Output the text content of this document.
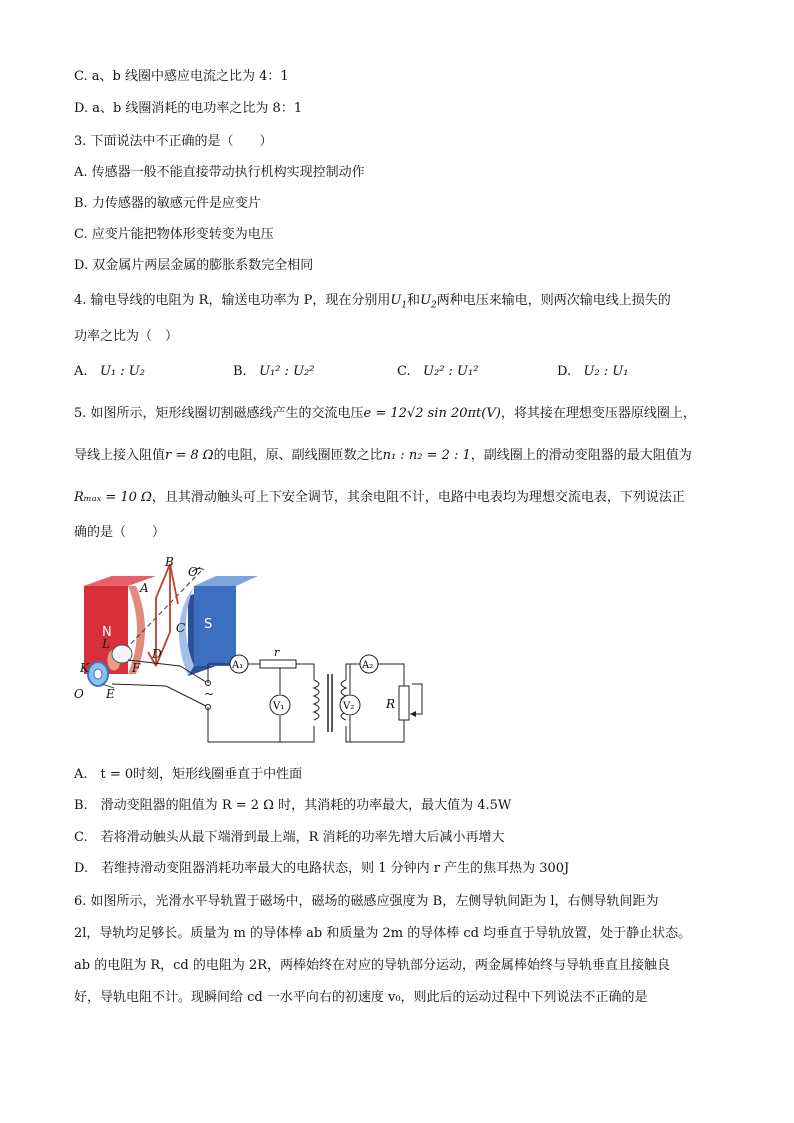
C. a、b 线圈中感应电流之比为 4：1
D. a、b 线圈消耗的电功率之比为 8：1
3. 下面说法中不正确的是（　　）
A. 传感器一般不能直接带动执行机构实现控制动作
B. 力传感器的敏感元件是应变片
C. 应变片能把物体形变转变为电压
D. 双金属片两层金属的膨胀系数完全相同
4. 输电导线的电阻为 R，输送电功率为 P，现在分别用$U_1$和$U_2$两种电压来输电，则两次输电线上损失的
功率之比为（　）
A. U₁ : U₂	B. U₁² : U₂²	C. U₂² : U₁²	D. U₂ : U₁
5. 如图所示，矩形线圈切割磁感线产生的交流电压e = 12√2 sin 20πt(V)，将其接在理想变压器原线圈上，
导线上接入阻值r = 8 Ω的电阻，原、副线圈匝数之比n₁ : n₂ = 2 : 1，副线圈上的滑动变阻器的最大阻值为
Rₘₐₓ = 10 Ω，且其滑动触头可上下安全调节，其余电阻不计，电路中电表均为理想交流电表，下列说法正
确的是（　　）
N
S
B
A
C
D
O′
L
F
K
O E	~
A₁
r
V₁
A₂
V₂	R
A.　t = 0时刻，矩形线圈垂直于中性面
B.　滑动变阻器的阻值为 R = 2 Ω 时，其消耗的功率最大，最大值为 4.5W
C.　若将滑动触头从最下端滑到最上端，R 消耗的功率先增大后减小再增大
D.　若维持滑动变阻器消耗功率最大的电路状态，则 1 分钟内 r 产生的焦耳热为 300J
6. 如图所示，光滑水平导轨置于磁场中，磁场的磁感应强度为 B，左侧导轨间距为 l，右侧导轨间距为
2l，导轨均足够长。质量为 m 的导体棒 ab 和质量为 2m 的导体棒 cd 均垂直于导轨放置，处于静止状态。
ab 的电阻为 R，cd 的电阻为 2R，两棒始终在对应的导轨部分运动，两金属棒始终与导轨垂直且接触良
好，导轨电阻不计。现瞬间给 cd 一水平向右的初速度 v₀，则此后的运动过程中下列说法不正确的是
